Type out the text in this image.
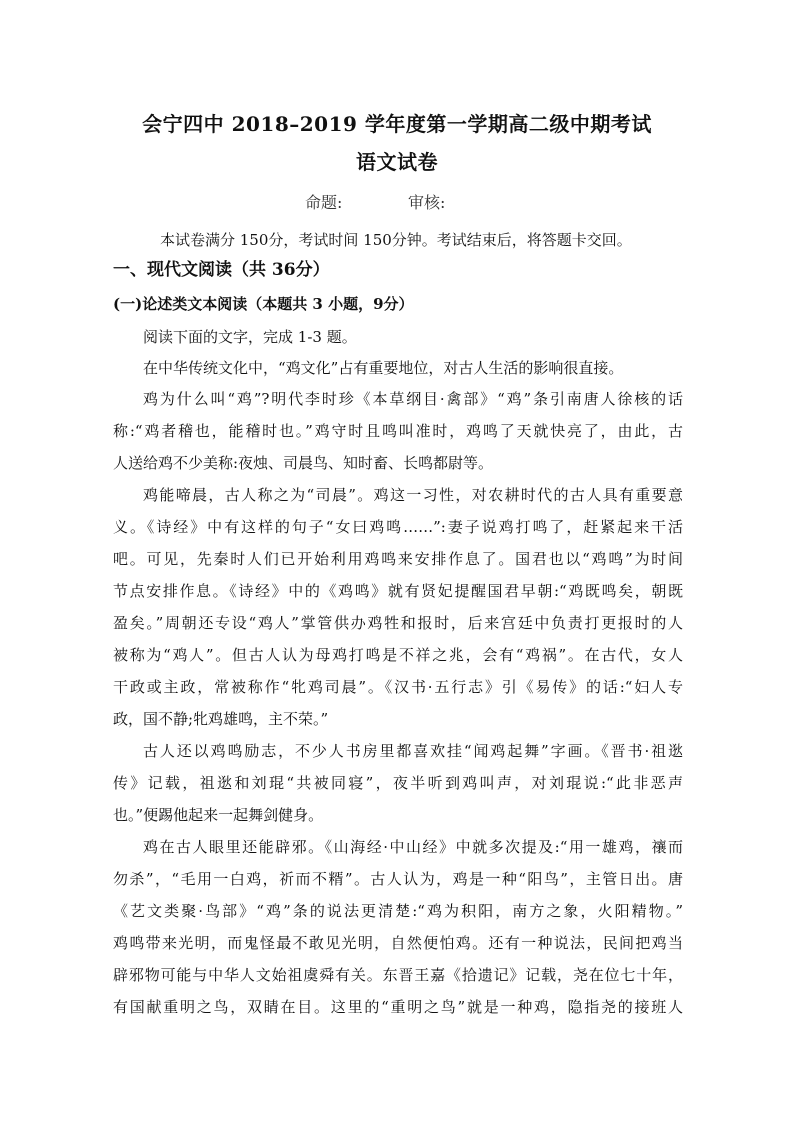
会宁四中 2018–2019 学年度第一学期高二级中期考试
语文试卷
命题:	审核:
本试卷满分 150分，考试时间 150分钟。考试结束后，将答题卡交回。
一、现代文阅读（共 36分）
(一)论述类文本阅读（本题共 3 小题，9分）
阅读下面的文字，完成 1-3 题。
在中华传统文化中，“鸡文化”占有重要地位，对古人生活的影响很直接。
鸡为什么叫“鸡”?明代李时珍《本草纲目·禽部》“鸡”条引南唐人徐核的话
称:“鸡者稽也，能稽时也。”鸡守时且鸣叫准时，鸡鸣了天就快亮了，由此，古
人送给鸡不少美称:夜烛、司晨鸟、知时畜、长鸣都尉等。
鸡能啼晨，古人称之为“司晨”。鸡这一习性，对农耕时代的古人具有重要意
义。《诗经》中有这样的句子“女曰鸡鸣……”:妻子说鸡打鸣了，赶紧起来干活
吧。可见，先秦时人们已开始利用鸡鸣来安排作息了。国君也以“鸡鸣”为时间
节点安排作息。《诗经》中的《鸡鸣》就有贤妃提醒国君早朝:“鸡既鸣矣，朝既
盈矣。”周朝还专设“鸡人”掌管供办鸡牲和报时，后来宫廷中负责打更报时的人
被称为“鸡人”。但古人认为母鸡打鸣是不祥之兆，会有“鸡祸”。在古代，女人
干政或主政，常被称作“牝鸡司晨”。《汉书·五行志》引《易传》的话:“妇人专
政，国不静;牝鸡雄鸣，主不荣。”
古人还以鸡鸣励志，不少人书房里都喜欢挂“闻鸡起舞”字画。《晋书·祖逖
传》记载，祖逖和刘琨“共被同寝”，夜半听到鸡叫声，对刘琨说:“此非恶声
也。”便踢他起来一起舞剑健身。
鸡在古人眼里还能辟邪。《山海经·中山经》中就多次提及:“用一雄鸡，禳而
勿杀”，“毛用一白鸡，祈而不糈”。古人认为，鸡是一种“阳鸟”，主管日出。唐
《艺文类聚·鸟部》“鸡”条的说法更清楚:“鸡为积阳，南方之象，火阳精物。”
鸡鸣带来光明，而鬼怪最不敢见光明，自然便怕鸡。还有一种说法，民间把鸡当
辟邪物可能与中华人文始祖虞舜有关。东晋王嘉《拾遗记》记载，尧在位七十年，
有国献重明之鸟，双睛在目。这里的“重明之鸟”就是一种鸡，隐指尧的接班人
